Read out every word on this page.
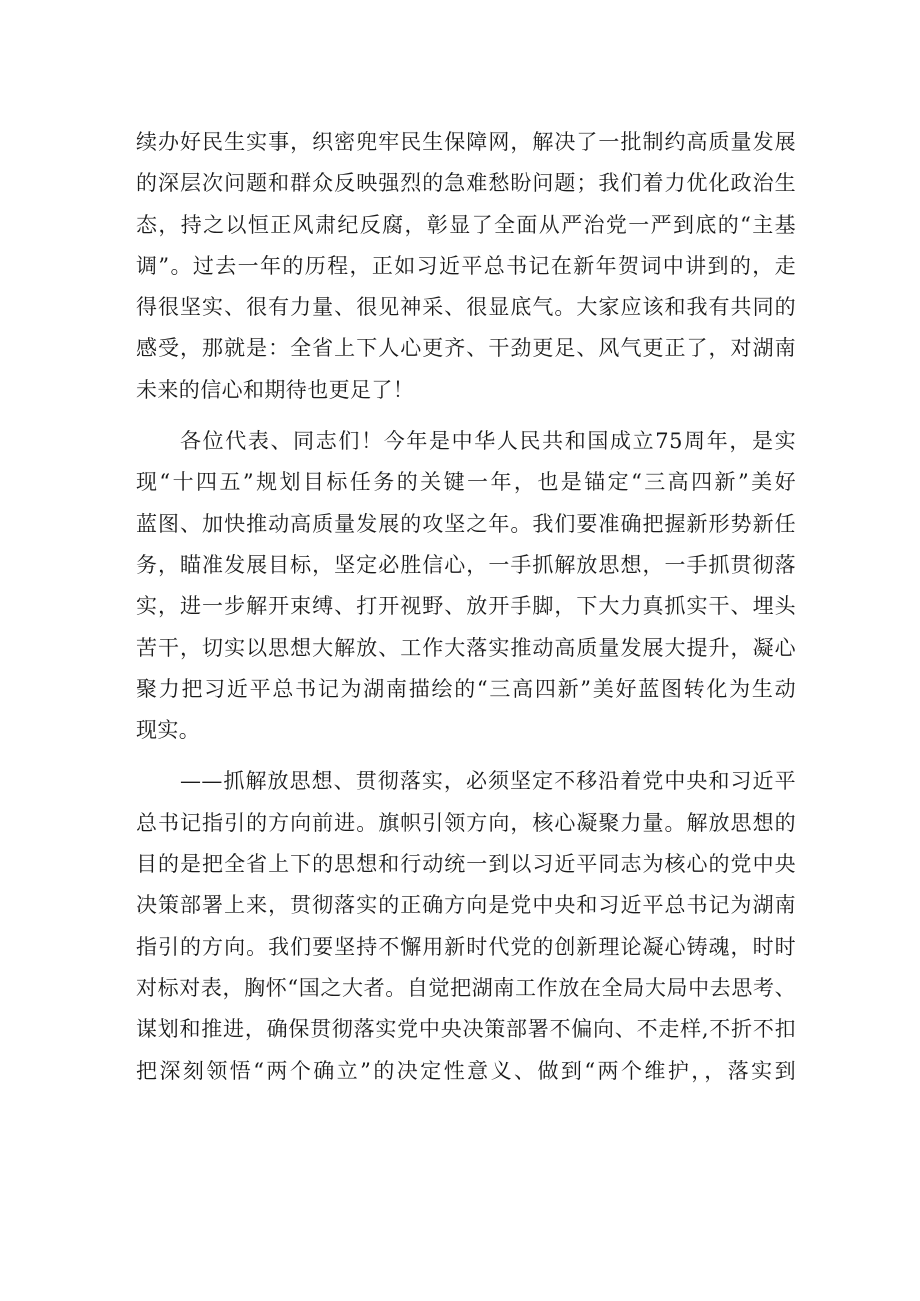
续办好民生实事，织密兜牢民生保障网，解决了一批制约高质量发展
的深层次问题和群众反映强烈的急难愁盼问题；我们着力优化政治生
态，持之以恒正风肃纪反腐，彰显了全面从严治党一严到底的“主基
调”。过去一年的历程，正如习近平总书记在新年贺词中讲到的，走
得很坚实、很有力量、很见神采、很显底气。大家应该和我有共同的
感受，那就是：全省上下人心更齐、干劲更足、风气更正了，对湖南
未来的信心和期待也更足了！
各位代表、同志们！今年是中华人民共和国成立75周年，是实
现“十四五”规划目标任务的关键一年，也是锚定“三高四新”美好
蓝图、加快推动高质量发展的攻坚之年。我们要准确把握新形势新任
务，瞄准发展目标，坚定必胜信心，一手抓解放思想，一手抓贯彻落
实，进一步解开束缚、打开视野、放开手脚，下大力真抓实干、埋头
苦干，切实以思想大解放、工作大落实推动高质量发展大提升，凝心
聚力把习近平总书记为湖南描绘的“三高四新”美好蓝图转化为生动
现实。
——抓解放思想、贯彻落实，必须坚定不移沿着党中央和习近平
总书记指引的方向前进。旗帜引领方向，核心凝聚力量。解放思想的
目的是把全省上下的思想和行动统一到以习近平同志为核心的党中央
决策部署上来，贯彻落实的正确方向是党中央和习近平总书记为湖南
指引的方向。我们要坚持不懈用新时代党的创新理论凝心铸魂，时时
对标对表，胸怀“国之大者。自觉把湖南工作放在全局大局中去思考、
谋划和推进，确保贯彻落实党中央决策部署不偏向、不走样,不折不扣
把深刻领悟“两个确立”的决定性意义、做到“两个维护，，落实到
